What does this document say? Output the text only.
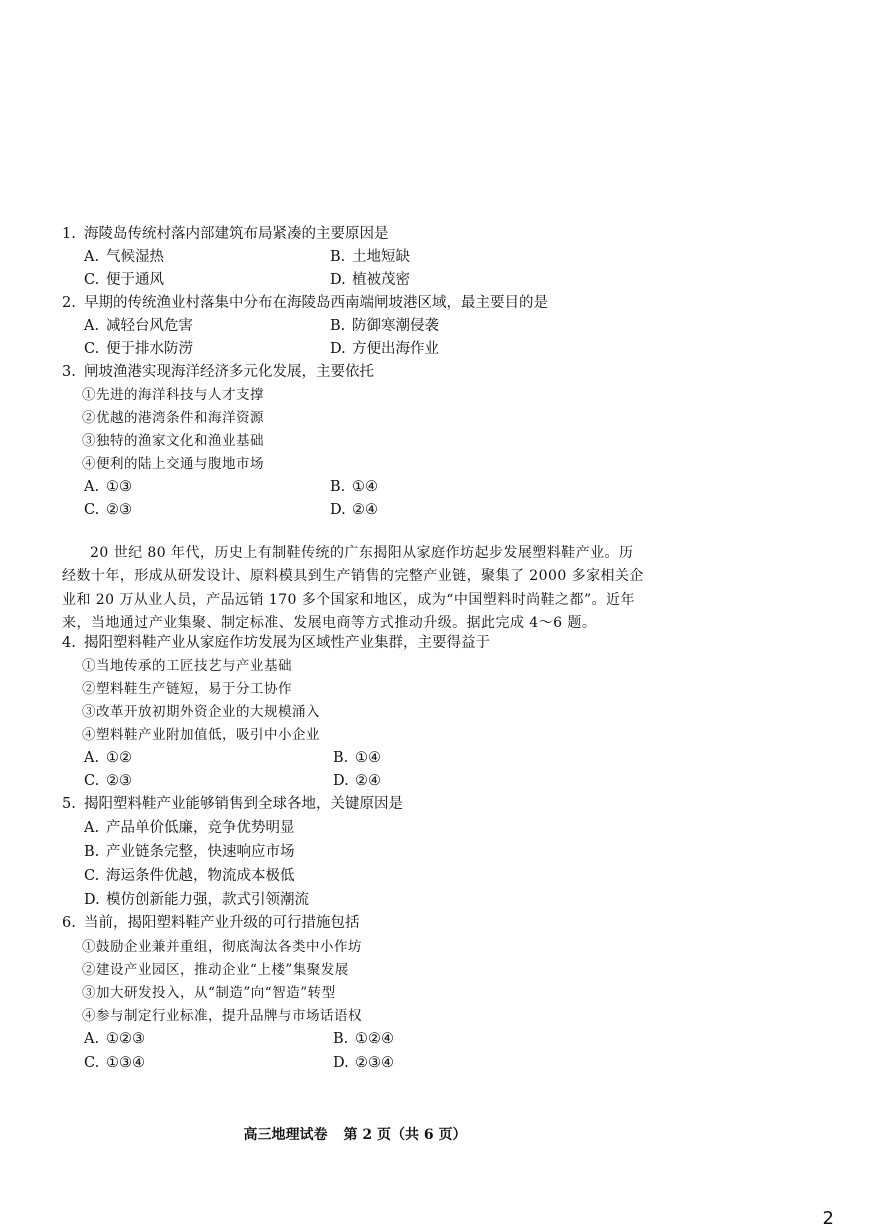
1. 海陵岛传统村落内部建筑布局紧凑的主要原因是
A. 气候湿热	B. 土地短缺
C. 便于通风	D. 植被茂密
2. 早期的传统渔业村落集中分布在海陵岛西南端闸坡港区域，最主要目的是
A. 减轻台风危害	B. 防御寒潮侵袭
C. 便于排水防涝	D. 方便出海作业
3. 闸坡渔港实现海洋经济多元化发展，主要依托
①先进的海洋科技与人才支撑
②优越的港湾条件和海洋资源
③独特的渔家文化和渔业基础
④便利的陆上交通与腹地市场
A. ①③	B. ①④
C. ②③	D. ②④

20 世纪 80 年代，历史上有制鞋传统的广东揭阳从家庭作坊起步发展塑料鞋产业。历

经数十年，形成从研发设计、原料模具到生产销售的完整产业链，聚集了 2000 多家相关企

业和 20 万从业人员，产品远销 170 多个国家和地区，成为“中国塑料时尚鞋之都”。近年

来，当地通过产业集聚、制定标准、发展电商等方式推动升级。据此完成 4～6 题。

4. 揭阳塑料鞋产业从家庭作坊发展为区域性产业集群，主要得益于
①当地传承的工匠技艺与产业基础
②塑料鞋生产链短，易于分工协作
③改革开放初期外资企业的大规模涌入
④塑料鞋产业附加值低，吸引中小企业
A. ①②	B. ①④
C. ②③	D. ②④
5. 揭阳塑料鞋产业能够销售到全球各地，关键原因是
A. 产品单价低廉，竞争优势明显
B. 产业链条完整，快速响应市场
C. 海运条件优越，物流成本极低
D. 模仿创新能力强，款式引领潮流
6. 当前，揭阳塑料鞋产业升级的可行措施包括
①鼓励企业兼并重组，彻底淘汰各类中小作坊
②建设产业园区，推动企业“上楼”集聚发展
③加大研发投入，从“制造”向“智造”转型
④参与制定行业标准，提升品牌与市场话语权
A. ①②③	B. ①②④
C. ①③④	D. ②③④
高三地理试卷 第 2 页（共 6 页）
2
